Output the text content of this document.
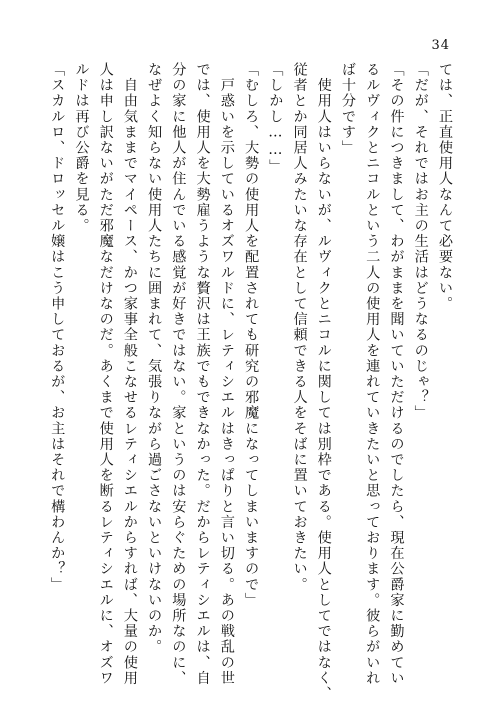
34
ては、正直使用人なんて必要ない。
「だが、それではお主の生活はどうなるのじゃ？」
「その件につきまして、わがままを聞いていただけるのでしたら、現在公爵家に勤めてい
るルヴィクとニコルという二人の使用人を連れていきたいと思っております。彼らがいれ
ば十分です」
　使用人はいらないが、ルヴィクとニコルに関しては別枠である。使用人としてではなく、
従者とか同居人みたいな存在として信頼できる人をそばに置いておきたい。
「しかし……」
「むしろ、大勢の使用人を配置されても研究の邪魔になってしまいますので」
　戸惑いを示しているオズワルドに、レティシエルはきっぱりと言い切る。あの戦乱の世
では、使用人を大勢雇うような贅沢は王族でもできなかった。だからレティシエルは、自
分の家に他人が住んでいる感覚が好きではない。家というのは安らぐための場所なのに、
なぜよく知らない使用人たちに囲まれて、気張りながら過ごさないといけないのか。
　自由気ままでマイペース、かつ家事全般こなせるレティシエルからすれば、大量の使用
人は申し訳ないがただ邪魔なだけなのだ。あくまで使用人を断るレティシエルに、オズワ
ルドは再び公爵を見る。
「スカルロ、ドロッセル嬢はこう申しておるが、お主はそれで構わんか？」
